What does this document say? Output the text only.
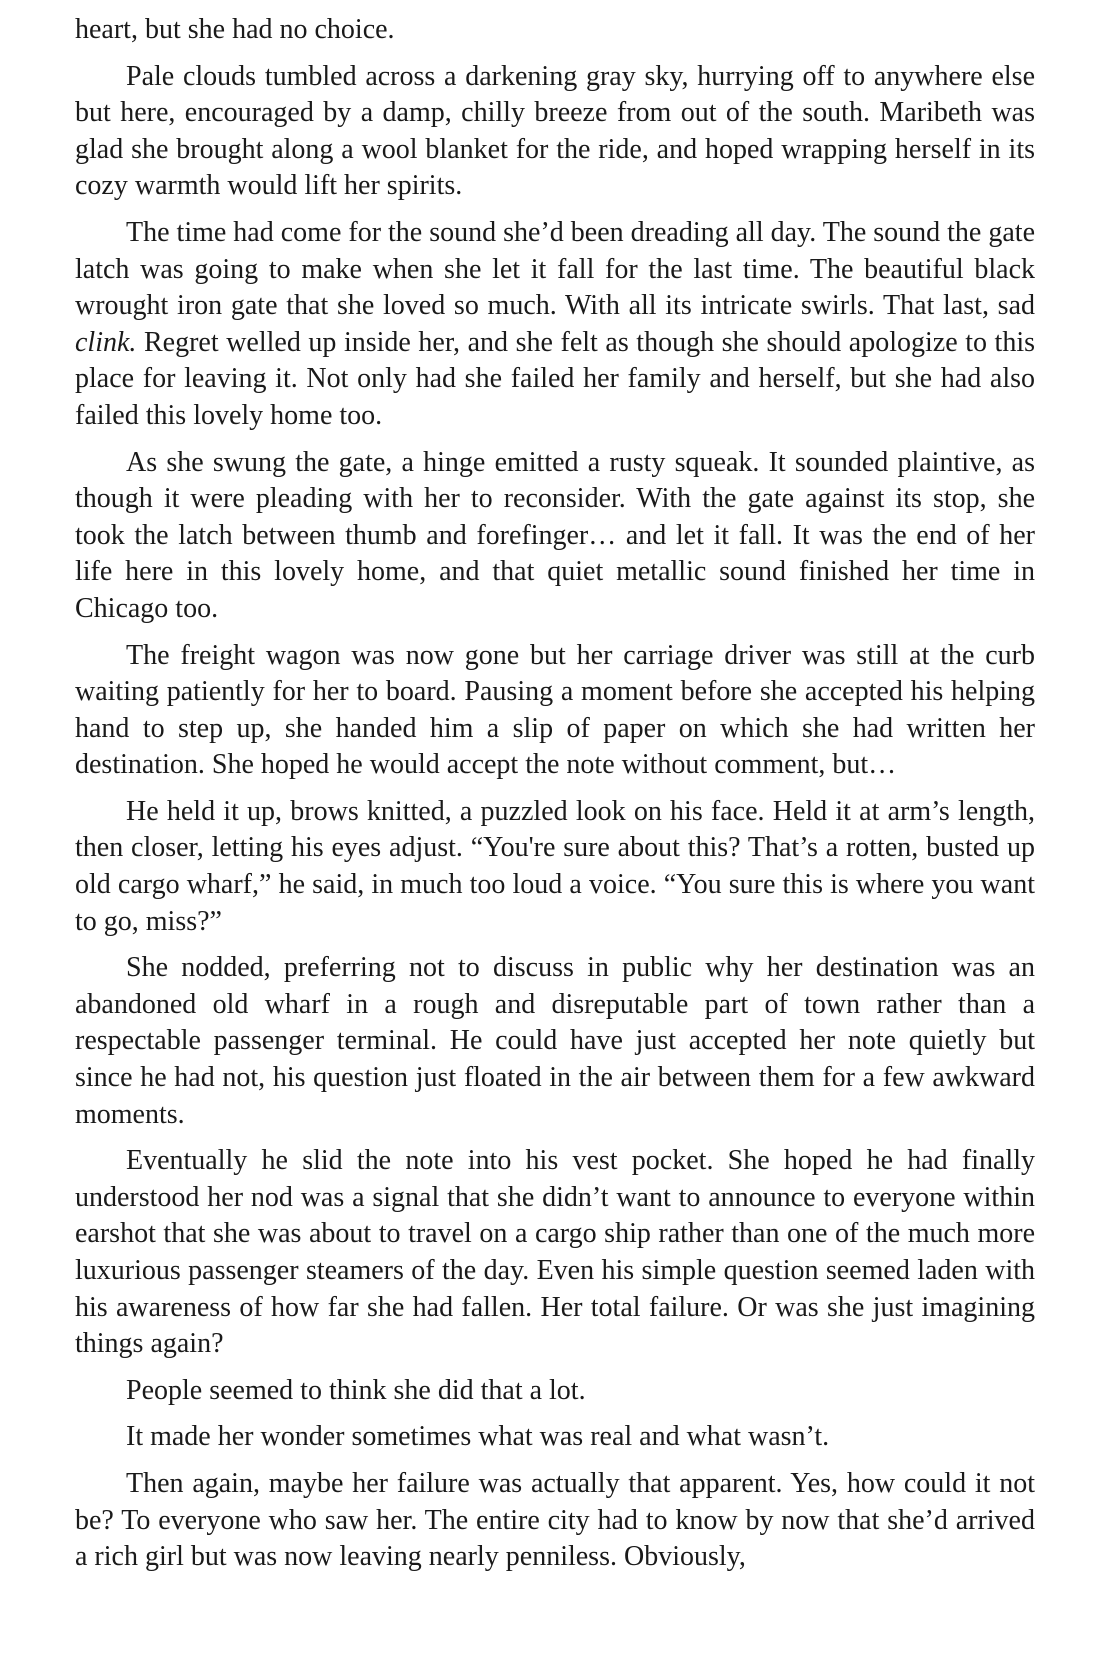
heart, but she had no choice.

Pale clouds tumbled across a darkening gray sky, hurrying off to anywhere else but here, encouraged by a damp, chilly breeze from out of the south. Maribeth was glad she brought along a wool blanket for the ride, and hoped wrapping herself in its cozy warmth would lift her spirits.

The time had come for the sound she’d been dreading all day. The sound the gate latch was going to make when she let it fall for the last time. The beautiful black wrought iron gate that she loved so much. With all its intricate swirls. That last, sad clink. Regret welled up inside her, and she felt as though she should apologize to this place for leaving it. Not only had she failed her family and herself, but she had also failed this lovely home too.

As she swung the gate, a hinge emitted a rusty squeak. It sounded plaintive, as though it were pleading with her to reconsider. With the gate against its stop, she took the latch between thumb and forefinger… and let it fall. It was the end of her life here in this lovely home, and that quiet metallic sound finished her time in Chicago too.

The freight wagon was now gone but her carriage driver was still at the curb waiting patiently for her to board. Pausing a moment before she accepted his helping hand to step up, she handed him a slip of paper on which she had written her destination. She hoped he would accept the note without comment, but…

He held it up, brows knitted, a puzzled look on his face. Held it at arm’s length, then closer, letting his eyes adjust. “You're sure about this? That’s a rotten, busted up old cargo wharf,” he said, in much too loud a voice. “You sure this is where you want to go, miss?”

She nodded, preferring not to discuss in public why her destination was an abandoned old wharf in a rough and disreputable part of town rather than a respectable passenger terminal. He could have just accepted her note quietly but since he had not, his question just floated in the air between them for a few awkward moments.

Eventually he slid the note into his vest pocket. She hoped he had finally understood her nod was a signal that she didn’t want to announce to everyone within earshot that she was about to travel on a cargo ship rather than one of the much more luxurious passenger steamers of the day. Even his simple question seemed laden with his awareness of how far she had fallen. Her total failure. Or was she just imagining things again?

People seemed to think she did that a lot.

It made her wonder sometimes what was real and what wasn’t.

Then again, maybe her failure was actually that apparent. Yes, how could it not be? To everyone who saw her. The entire city had to know by now that she’d arrived a rich girl but was now leaving nearly penniless. Obviously,
